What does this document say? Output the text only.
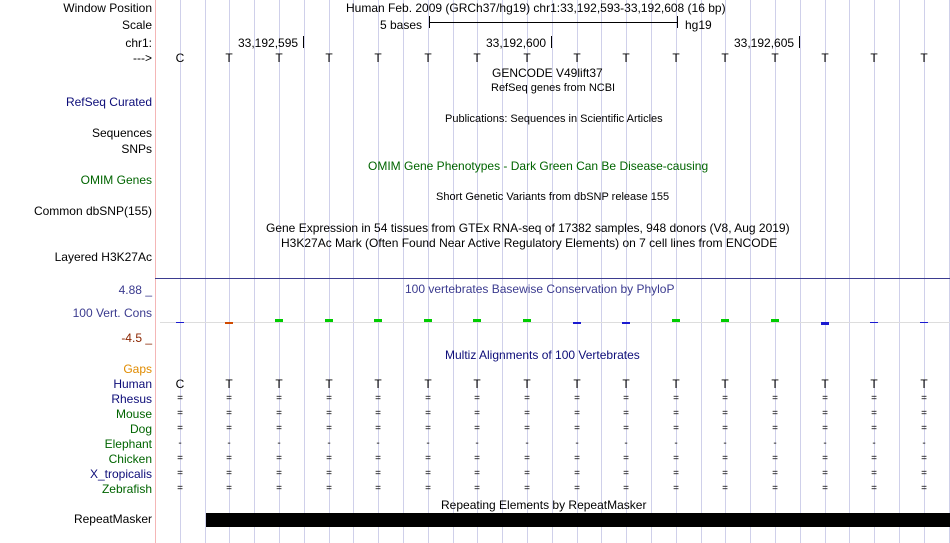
Window Position	Human Feb. 2009 (GRCh37/hg19) chr1:33,192,593-33,192,608 (16 bp)
Scale	5 bases	hg19
chr1:	33,192,595	33,192,600	33,192,605
--->
GENCODE V49lift37
RefSeq genes from NCBI
RefSeq Curated
Publications: Sequences in Scientific Articles
Sequences
SNPs
OMIM Gene Phenotypes - Dark Green Can Be Disease-causing
OMIM Genes
Short Genetic Variants from dbSNP release 155
Common dbSNP(155)
Gene Expression in 54 tissues from GTEx RNA-seq of 17382 samples, 948 donors (V8, Aug 2019)
H3K27Ac Mark (Often Found Near Active Regulatory Elements) on 7 cell lines from ENCODE
Layered H3K27Ac
4.88 _	100 vertebrates Basewise Conservation by PhyloP
100 Vert. Cons
-4.5 _
Multiz Alignments of 100 Vertebrates
Gaps
Human	C	T	T	T	T	T	T	T	T	T	T	T	T	T	T	T
Rhesus	=	=	=	=	=	=	=	=	=	=	=	=	=	=	=	=
Mouse	=	=	=	=	=	=	=	=	=	=	=	=	=	=	=	=
Dog	=	=	=	=	=	=	=	=	=	=	=	=	=	=	=	=
Elephant	-	-	-	-	-	-	-	-	-	-	-	-	-	-	-	-
Chicken	=	=	=	=	=	=	=	=	=	=	=	=	=	=	=	=
X_tropicalis	=	=	=	=	=	=	=	=	=	=	=	=	=	=	=	=
Zebrafish	=	=	=	=	=	=	=	=	=	=	=	=	=	=	=	=
Repeating Elements by RepeatMasker
RepeatMasker
C	T	T	T	T	T	T	T	T	T	T	T	T	T	T	T
